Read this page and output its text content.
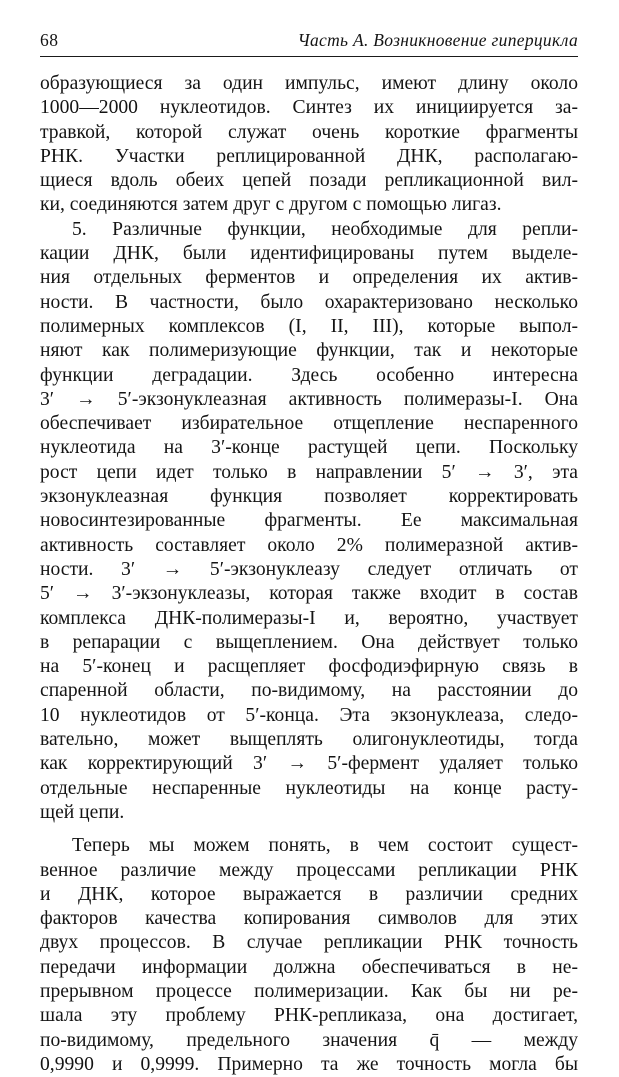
68	Часть А. Возникновение гиперцикла
образующиеся за один импульс, имеют длину около
1000—2000 нуклеотидов. Синтез их инициируется за-
травкой, которой служат очень короткие фрагменты
РНК. Участки реплицированной ДНК, располагаю-
щиеся вдоль обеих цепей позади репликационной вил-
ки, соединяются затем друг с другом с помощью лигаз.
5. Различные функции, необходимые для репли-
кации ДНК, были идентифицированы путем выделе-
ния отдельных ферментов и определения их актив-
ности. В частности, было охарактеризовано несколько
полимерных комплексов (I, II, III), которые выпол-
няют как полимеризующие функции, так и некоторые
функции деградации. Здесь особенно интересна
3′ → 5′-экзонуклеазная активность полимеразы-I. Она
обеспечивает избирательное отщепление неспаренного
нуклеотида на 3′-конце растущей цепи. Поскольку
рост цепи идет только в направлении 5′ → 3′, эта
экзонуклеазная функция позволяет корректировать
новосинтезированные фрагменты. Ее максимальная
активность составляет около 2% полимеразной актив-
ности. 3′ → 5′-экзонуклеазу следует отличать от
5′ → 3′-экзонуклеазы, которая также входит в состав
комплекса ДНК-полимеразы-I и, вероятно, участвует
в репарации с выщеплением. Она действует только
на 5′-конец и расщепляет фосфодиэфирную связь в
спаренной области, по-видимому, на расстоянии до
10 нуклеотидов от 5′-конца. Эта экзонуклеаза, следо-
вательно, может выщеплять олигонуклеотиды, тогда
как корректирующий 3′ → 5′-фермент удаляет только
отдельные неспаренные нуклеотиды на конце расту-
щей цепи.
Теперь мы можем понять, в чем состоит сущест-
венное различие между процессами репликации РНК
и ДНК, которое выражается в различии средних
факторов качества копирования символов для этих
двух процессов. В случае репликации РНК точность
передачи информации должна обеспечиваться в не-
прерывном процессе полимеризации. Как бы ни ре-
шала эту проблему РНК-репликаза, она достигает,
по-видимому, предельного значения q̄ — между
0,9990 и 0,9999. Примерно та же точность могла бы
